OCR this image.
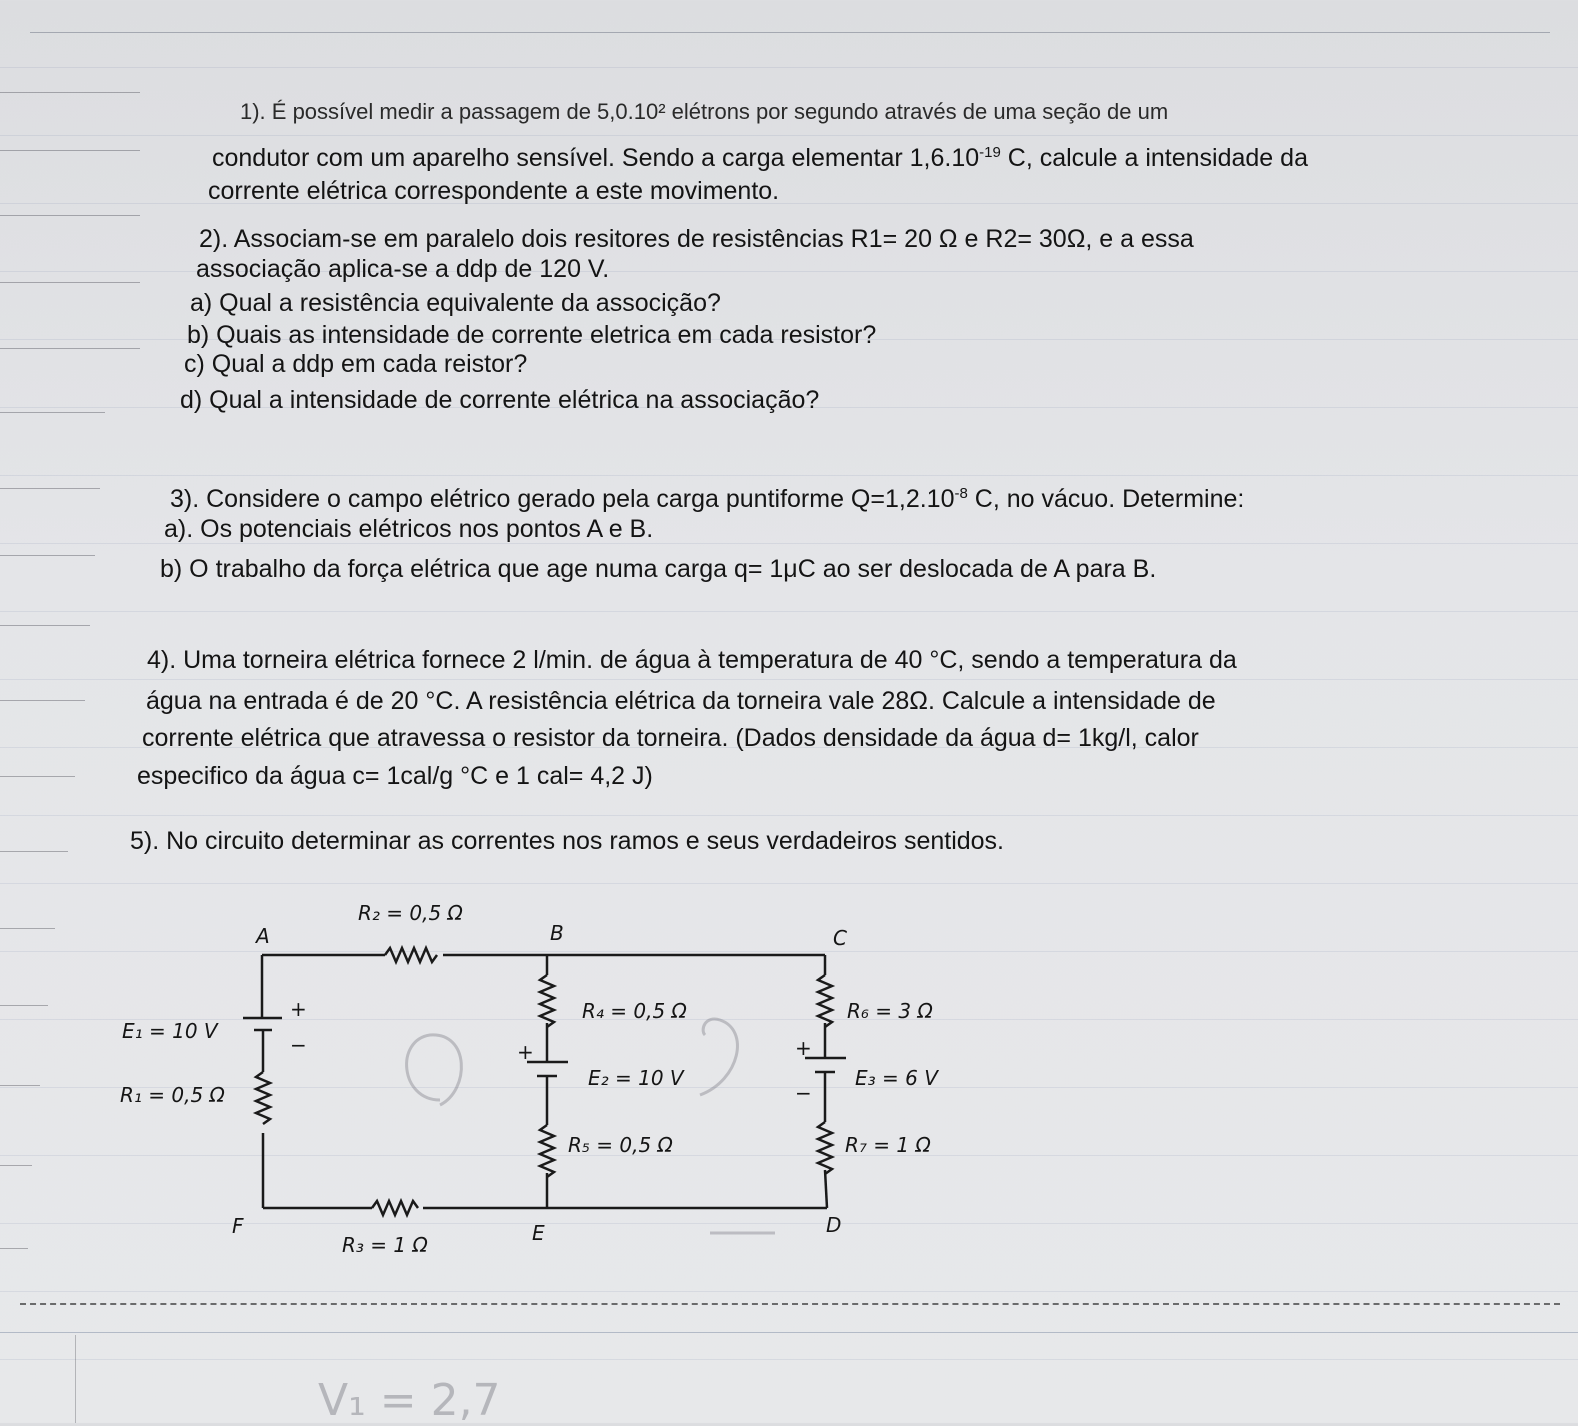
1). É possível medir a passagem de 5,0.10² elétrons por segundo através de uma seção de um
condutor com um aparelho sensível. Sendo a carga elementar $1,6.10^{-19}$ C, calcule a intensidade da
corrente elétrica correspondente a este movimento.
2). Associam-se em paralelo dois resitores de resistências R1= 20 Ω e R2= 30Ω, e a essa
associação aplica-se a ddp de 120 V.
a) Qual a resistência equivalente da associção?
b) Quais as intensidade de corrente eletrica em cada resistor?
c) Qual a ddp em cada reistor?
d) Qual a intensidade de corrente elétrica na associação?
3). Considere o campo elétrico gerado pela carga puntiforme $Q=1,2.10^{-8}$ C, no vácuo. Determine:
a). Os potenciais elétricos nos pontos A e B.
b) O trabalho da força elétrica que age numa carga q= 1μC ao ser deslocada de A para B.
4). Uma torneira elétrica fornece 2 l/min. de água à temperatura de 40 °C, sendo a temperatura da
água na entrada é de 20 °C. A resistência elétrica da torneira vale 28Ω. Calcule a intensidade de
corrente elétrica que atravessa o resistor da torneira. (Dados densidade da água d= 1kg/l, calor
especifico da água c= 1cal/g °C e 1 cal= 4,2 J)
5). No circuito determinar as correntes nos ramos e seus verdadeiros sentidos.
A	B	C
D
E
F
R₂ = 0,5 Ω
R₃ = 1 Ω
R₁ = 0,5 Ω
E₁ = 10 V
+
−
R₄ = 0,5 Ω
E₂ = 10 V
+
R₅ = 0,5 Ω
R₆ = 3 Ω
E₃ = 6 V
+
−
R₇ = 1 Ω
V₁ = 2,7
